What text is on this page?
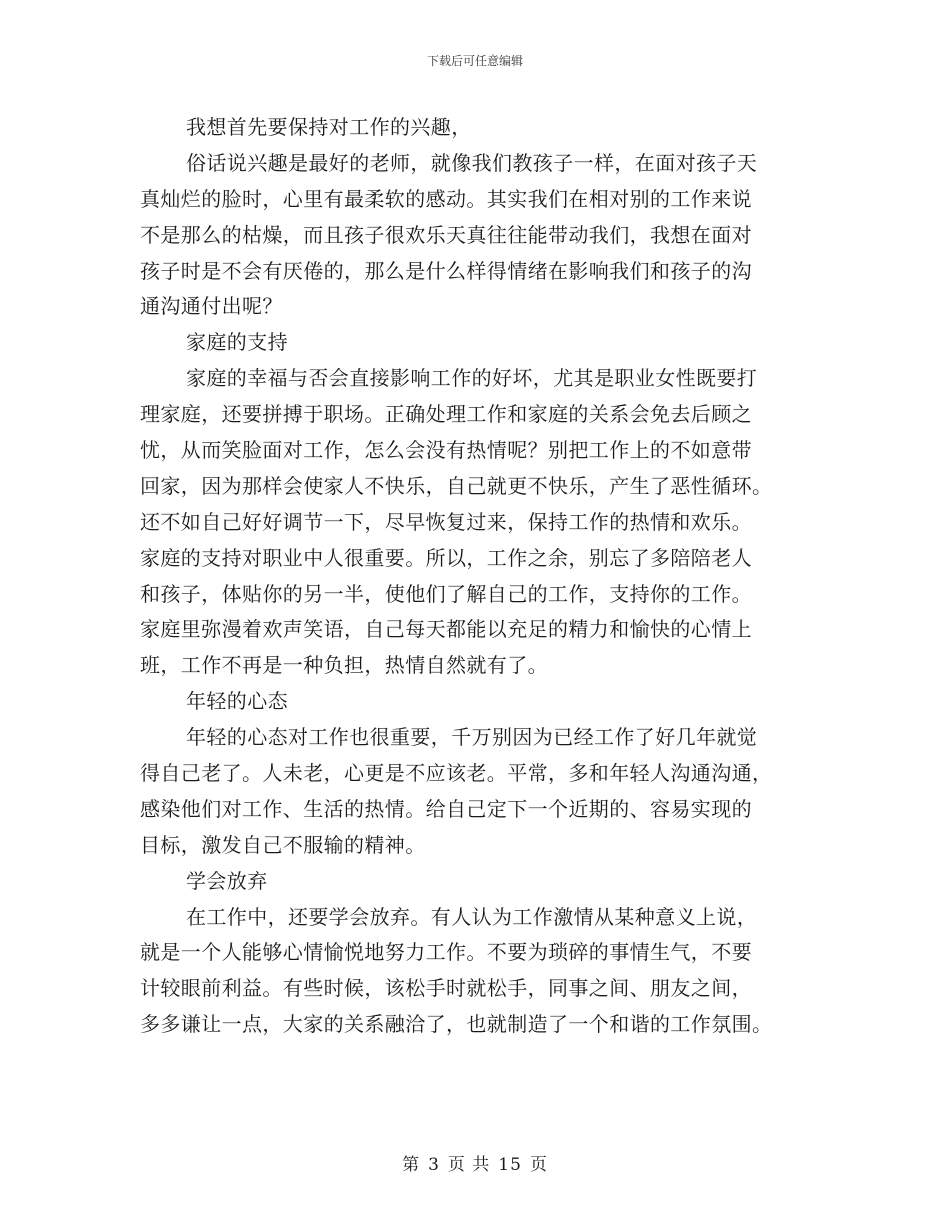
下载后可任意编辑
我想首先要保持对工作的兴趣，
俗话说兴趣是最好的老师，就像我们教孩子一样，在面对孩子天
真灿烂的脸时，心里有最柔软的感动。其实我们在相对别的工作来说
不是那么的枯燥，而且孩子很欢乐天真往往能带动我们，我想在面对
孩子时是不会有厌倦的，那么是什么样得情绪在影响我们和孩子的沟
通沟通付出呢？
家庭的支持
家庭的幸福与否会直接影响工作的好坏，尤其是职业女性既要打
理家庭，还要拼搏于职场。正确处理工作和家庭的关系会免去后顾之
忧，从而笑脸面对工作，怎么会没有热情呢？别把工作上的不如意带
回家，因为那样会使家人不快乐，自己就更不快乐，产生了恶性循环。
还不如自己好好调节一下，尽早恢复过来，保持工作的热情和欢乐。
家庭的支持对职业中人很重要。所以，工作之余，别忘了多陪陪老人
和孩子，体贴你的另一半，使他们了解自己的工作，支持你的工作。
家庭里弥漫着欢声笑语，自己每天都能以充足的精力和愉快的心情上
班，工作不再是一种负担，热情自然就有了。
年轻的心态
年轻的心态对工作也很重要，千万别因为已经工作了好几年就觉
得自己老了。人未老，心更是不应该老。平常，多和年轻人沟通沟通，
感染他们对工作、生活的热情。给自己定下一个近期的、容易实现的
目标，激发自己不服输的精神。
学会放弃
在工作中，还要学会放弃。有人认为工作激情从某种意义上说，
就是一个人能够心情愉悦地努力工作。不要为琐碎的事情生气，不要
计较眼前利益。有些时候，该松手时就松手，同事之间、朋友之间，
多多谦让一点，大家的关系融洽了，也就制造了一个和谐的工作氛围。
第 3 页 共 15 页
